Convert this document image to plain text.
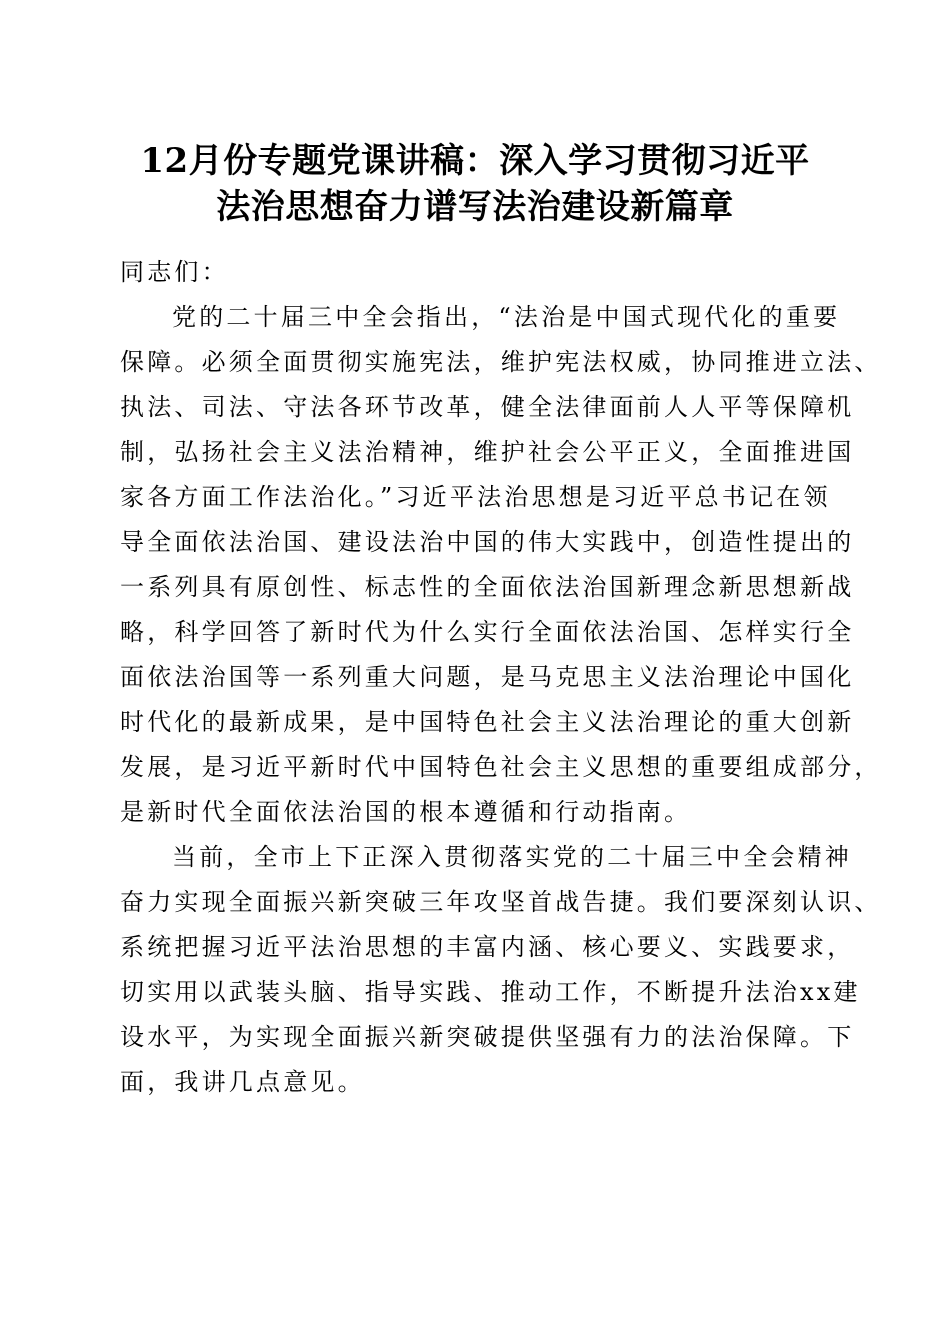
12月份专题党课讲稿：深入学习贯彻习近平
法治思想奋力谱写法治建设新篇章
同志们：
党的二十届三中全会指出，“法治是中国式现代化的重要
保障。必须全面贯彻实施宪法，维护宪法权威，协同推进立法、
执法、司法、守法各环节改革，健全法律面前人人平等保障机
制，弘扬社会主义法治精神，维护社会公平正义，全面推进国
家各方面工作法治化。”习近平法治思想是习近平总书记在领
导全面依法治国、建设法治中国的伟大实践中，创造性提出的
一系列具有原创性、标志性的全面依法治国新理念新思想新战
略，科学回答了新时代为什么实行全面依法治国、怎样实行全
面依法治国等一系列重大问题，是马克思主义法治理论中国化
时代化的最新成果，是中国特色社会主义法治理论的重大创新
发展，是习近平新时代中国特色社会主义思想的重要组成部分，
是新时代全面依法治国的根本遵循和行动指南。
当前，全市上下正深入贯彻落实党的二十届三中全会精神
奋力实现全面振兴新突破三年攻坚首战告捷。我们要深刻认识、
系统把握习近平法治思想的丰富内涵、核心要义、实践要求，
切实用以武装头脑、指导实践、推动工作，不断提升法治xx建
设水平，为实现全面振兴新突破提供坚强有力的法治保障。下
面，我讲几点意见。
